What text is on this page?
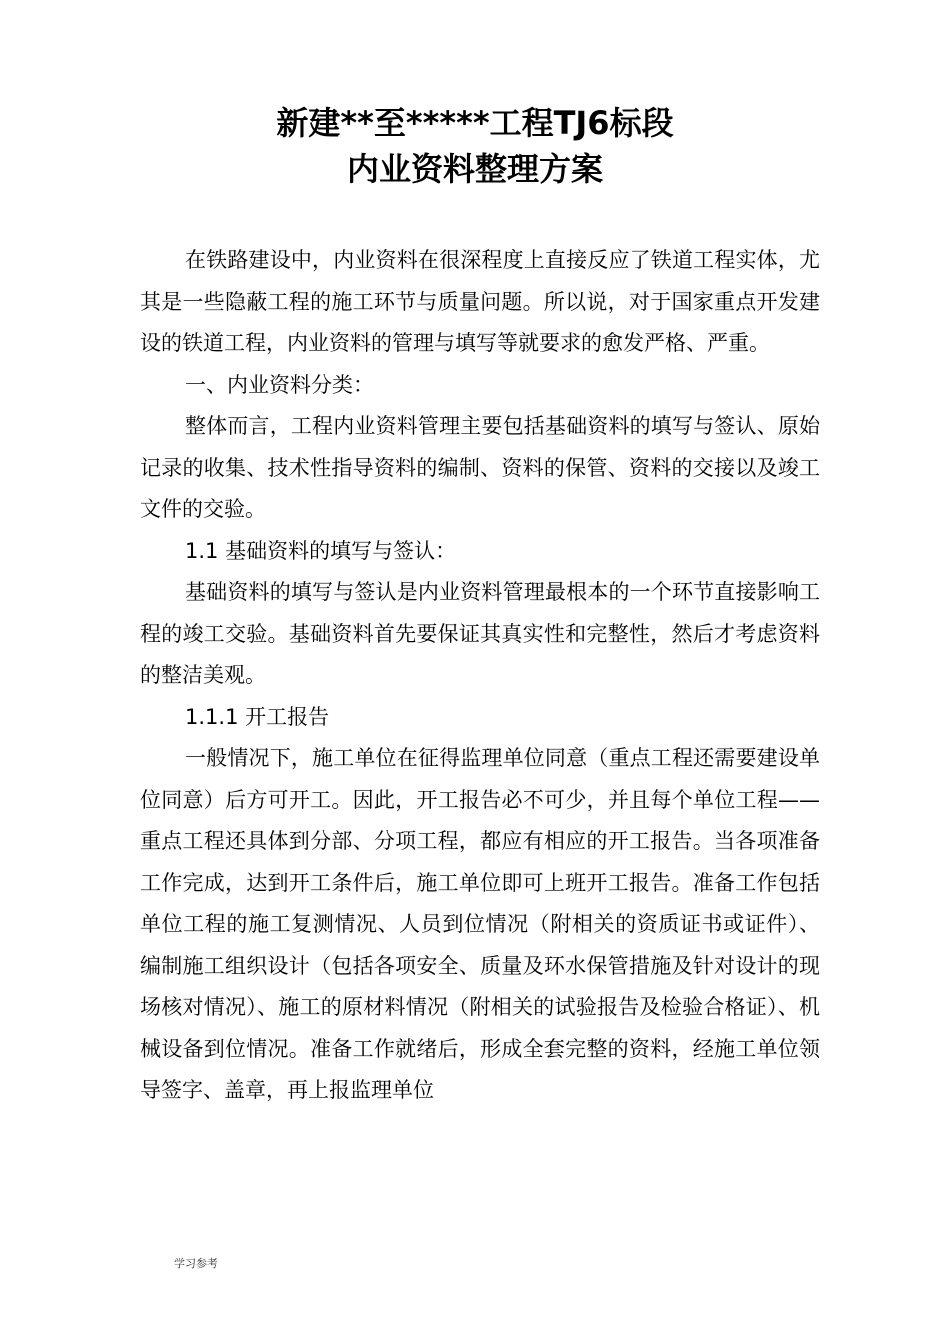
新建**至*****工程TJ6标段
内业资料整理方案

在铁路建设中，内业资料在很深程度上直接反应了铁道工程实体，尤其是一些隐蔽工程的施工环节与质量问题。所以说，对于国家重点开发建设的铁道工程，内业资料的管理与填写等就要求的愈发严格、严重。

一、内业资料分类：

整体而言，工程内业资料管理主要包括基础资料的填写与签认、原始记录的收集、技术性指导资料的编制、资料的保管、资料的交接以及竣工文件的交验。

1.1 基础资料的填写与签认：

基础资料的填写与签认是内业资料管理最根本的一个环节直接影响工程的竣工交验。基础资料首先要保证其真实性和完整性，然后才考虑资料的整洁美观。

1.1.1 开工报告

一般情况下，施工单位在征得监理单位同意（重点工程还需要建设单位同意）后方可开工。因此，开工报告必不可少，并且每个单位工程——重点工程还具体到分部、分项工程，都应有相应的开工报告。当各项准备工作完成，达到开工条件后，施工单位即可上班开工报告。准备工作包括单位工程的施工复测情况、人员到位情况（附相关的资质证书或证件）、编制施工组织设计（包括各项安全、质量及环水保管措施及针对设计的现场核对情况）、施工的原材料情况（附相关的试验报告及检验合格证）、机械设备到位情况。准备工作就绪后，形成全套完整的资料，经施工单位领导签字、盖章，再上报监理单位

学习参考
